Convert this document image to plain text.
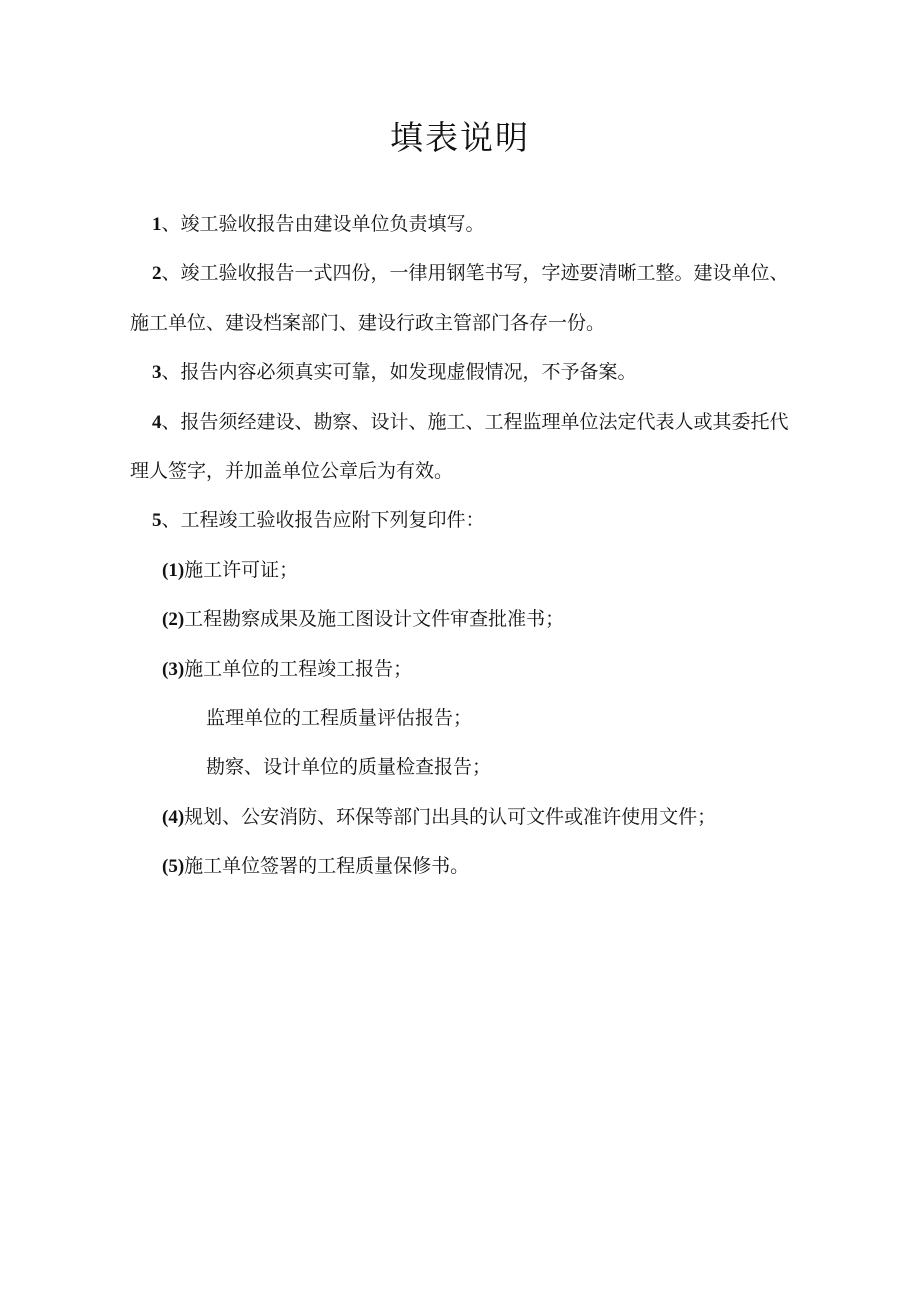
填表说明

1、竣工验收报告由建设单位负责填写。

2、竣工验收报告一式四份，一律用钢笔书写，字迹要清晰工整。建设单位、施工单位、建设档案部门、建设行政主管部门各存一份。

3、报告内容必须真实可靠，如发现虚假情况，不予备案。

4、报告须经建设、勘察、设计、施工、工程监理单位法定代表人或其委托代理人签字，并加盖单位公章后为有效。

5、工程竣工验收报告应附下列复印件：

(1)施工许可证；

(2)工程勘察成果及施工图设计文件审查批准书；

(3)施工单位的工程竣工报告；

监理单位的工程质量评估报告；

勘察、设计单位的质量检查报告；

(4)规划、公安消防、环保等部门出具的认可文件或准许使用文件；

(5)施工单位签署的工程质量保修书。
